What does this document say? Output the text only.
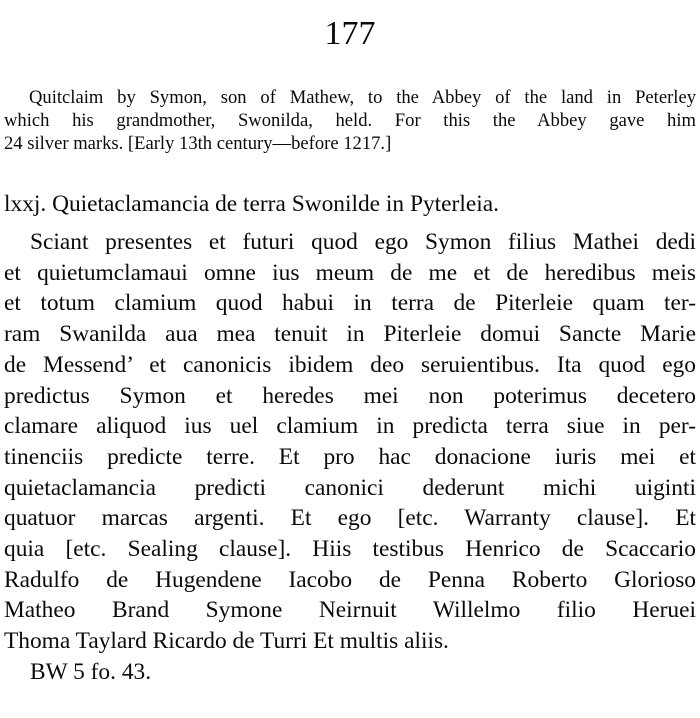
177
Quitclaim by Symon, son of Mathew, to the Abbey of the land in Peterley
which his grandmother, Swonilda, held. For this the Abbey gave him
24 silver marks. [Early 13th century—before 1217.]
lxxj. Quietaclamancia de terra Swonilde in Pyterleia.
Sciant presentes et futuri quod ego Symon filius Mathei dedi
et quietumclamaui omne ius meum de me et de heredibus meis
et totum clamium quod habui in terra de Piterleie quam ter-
ram Swanilda aua mea tenuit in Piterleie domui Sancte Marie
de Messend’ et canonicis ibidem deo seruientibus. Ita quod ego
predictus Symon et heredes mei non poterimus decetero
clamare aliquod ius uel clamium in predicta terra siue in per-
tinenciis predicte terre. Et pro hac donacione iuris mei et
quietaclamancia predicti canonici dederunt michi uiginti
quatuor marcas argenti. Et ego [etc. Warranty clause]. Et
quia [etc. Sealing clause]. Hiis testibus Henrico de Scaccario
Radulfo de Hugendene Iacobo de Penna Roberto Glorioso
Matheo Brand Symone Neirnuit Willelmo filio Heruei
Thoma Taylard Ricardo de Turri Et multis aliis.
BW 5 fo. 43.
